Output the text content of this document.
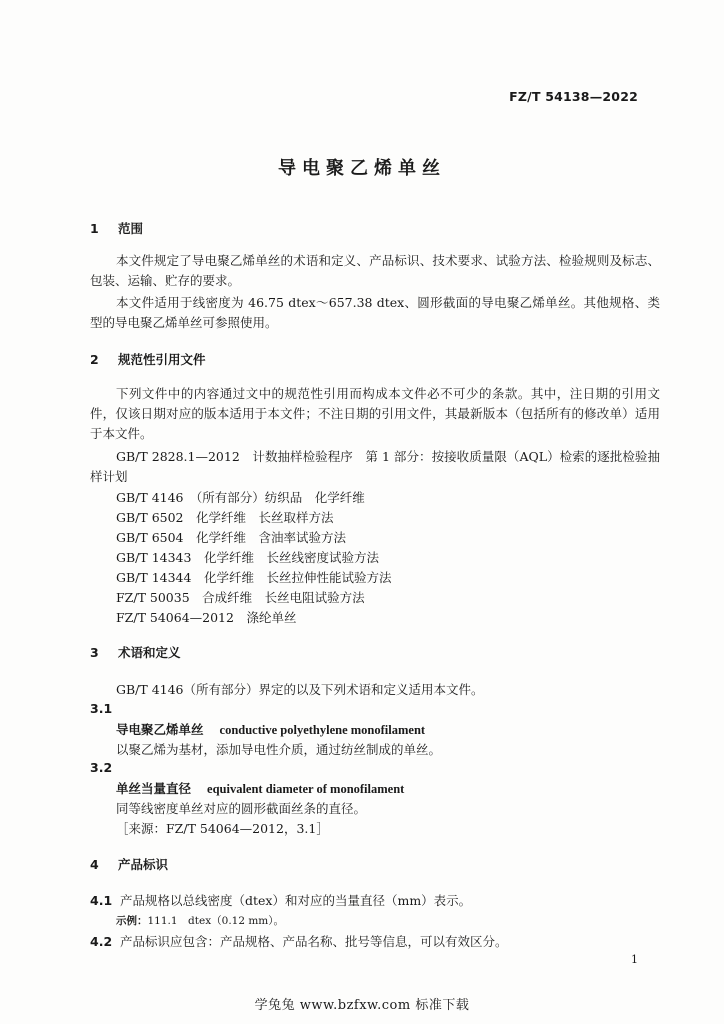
FZ/T 54138—2022
导电聚乙烯单丝
1 范围
本文件规定了导电聚乙烯单丝的术语和定义、产品标识、技术要求、试验方法、检验规则及标志、包装、运输、贮存的要求。
本文件适用于线密度为 46.75 dtex～657.38 dtex、圆形截面的导电聚乙烯单丝。其他规格、类型的导电聚乙烯单丝可参照使用。
2 规范性引用文件
下列文件中的内容通过文中的规范性引用而构成本文件必不可少的条款。其中，注日期的引用文件，仅该日期对应的版本适用于本文件；不注日期的引用文件，其最新版本（包括所有的修改单）适用于本文件。
GB/T 2828.1—2012　计数抽样检验程序　第 1 部分：按接收质量限（AQL）检索的逐批检验抽样计划
GB/T 4146　（所有部分）纺织品　化学纤维
GB/T 6502　化学纤维　长丝取样方法
GB/T 6504　化学纤维　含油率试验方法
GB/T 14343　化学纤维　长丝线密度试验方法
GB/T 14344　化学纤维　长丝拉伸性能试验方法
FZ/T 50035　合成纤维　长丝电阻试验方法
FZ/T 54064—2012　涤纶单丝
3 术语和定义
GB/T 4146（所有部分）界定的以及下列术语和定义适用本文件。
3.1
导电聚乙烯单丝 conductive polyethylene monofilament
以聚乙烯为基材，添加导电性介质，通过纺丝制成的单丝。
3.2
单丝当量直径 equivalent diameter of monofilament
同等线密度单丝对应的圆形截面丝条的直径。
［来源：FZ/T 54064—2012，3.1］
4 产品标识
4.1 产品规格以总线密度（dtex）和对应的当量直径（mm）表示。
示例：111.1　dtex（0.12 mm）。
4.2 产品标识应包含：产品规格、产品名称、批号等信息，可以有效区分。
1
学兔兔 www.bzfxw.com 标准下载
